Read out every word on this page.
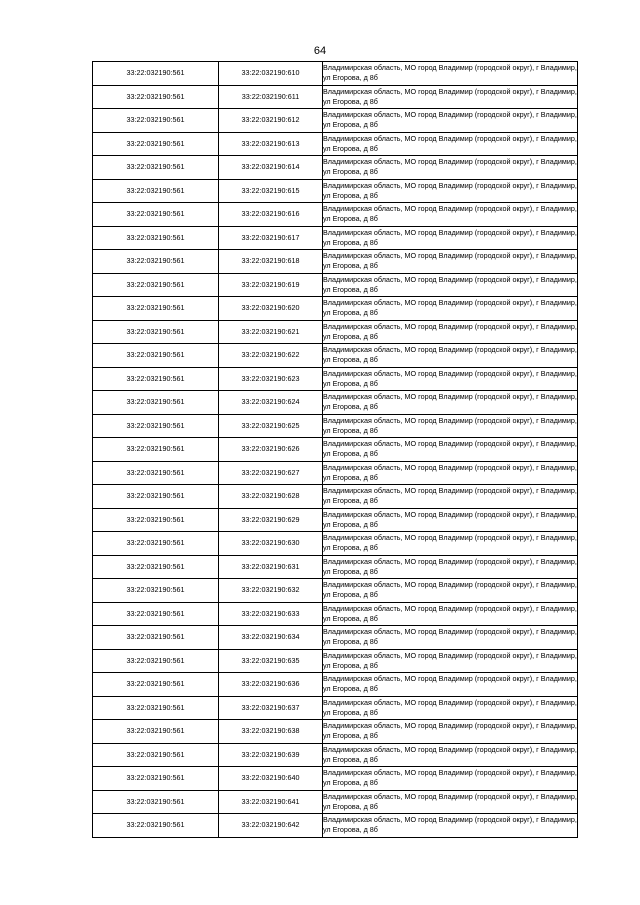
64
33:22:032190:561	33:22:032190:610	Владимирская область, МО город Владимир (городской округ), г Владимир, ул Егорова, д 8б
33:22:032190:561	33:22:032190:611	Владимирская область, МО город Владимир (городской округ), г Владимир, ул Егорова, д 8б
33:22:032190:561	33:22:032190:612	Владимирская область, МО город Владимир (городской округ), г Владимир, ул Егорова, д 8б
33:22:032190:561	33:22:032190:613	Владимирская область, МО город Владимир (городской округ), г Владимир, ул Егорова, д 8б
33:22:032190:561	33:22:032190:614	Владимирская область, МО город Владимир (городской округ), г Владимир, ул Егорова, д 8б
33:22:032190:561	33:22:032190:615	Владимирская область, МО город Владимир (городской округ), г Владимир, ул Егорова, д 8б
33:22:032190:561	33:22:032190:616	Владимирская область, МО город Владимир (городской округ), г Владимир, ул Егорова, д 8б
33:22:032190:561	33:22:032190:617	Владимирская область, МО город Владимир (городской округ), г Владимир, ул Егорова, д 8б
33:22:032190:561	33:22:032190:618	Владимирская область, МО город Владимир (городской округ), г Владимир, ул Егорова, д 8б
33:22:032190:561	33:22:032190:619	Владимирская область, МО город Владимир (городской округ), г Владимир, ул Егорова, д 8б
33:22:032190:561	33:22:032190:620	Владимирская область, МО город Владимир (городской округ), г Владимир, ул Егорова, д 8б
33:22:032190:561	33:22:032190:621	Владимирская область, МО город Владимир (городской округ), г Владимир, ул Егорова, д 8б
33:22:032190:561	33:22:032190:622	Владимирская область, МО город Владимир (городской округ), г Владимир, ул Егорова, д 8б
33:22:032190:561	33:22:032190:623	Владимирская область, МО город Владимир (городской округ), г Владимир, ул Егорова, д 8б
33:22:032190:561	33:22:032190:624	Владимирская область, МО город Владимир (городской округ), г Владимир, ул Егорова, д 8б
33:22:032190:561	33:22:032190:625	Владимирская область, МО город Владимир (городской округ), г Владимир, ул Егорова, д 8б
33:22:032190:561	33:22:032190:626	Владимирская область, МО город Владимир (городской округ), г Владимир, ул Егорова, д 8б
33:22:032190:561	33:22:032190:627	Владимирская область, МО город Владимир (городской округ), г Владимир, ул Егорова, д 8б
33:22:032190:561	33:22:032190:628	Владимирская область, МО город Владимир (городской округ), г Владимир, ул Егорова, д 8б
33:22:032190:561	33:22:032190:629	Владимирская область, МО город Владимир (городской округ), г Владимир, ул Егорова, д 8б
33:22:032190:561	33:22:032190:630	Владимирская область, МО город Владимир (городской округ), г Владимир, ул Егорова, д 8б
33:22:032190:561	33:22:032190:631	Владимирская область, МО город Владимир (городской округ), г Владимир, ул Егорова, д 8б
33:22:032190:561	33:22:032190:632	Владимирская область, МО город Владимир (городской округ), г Владимир, ул Егорова, д 8б
33:22:032190:561	33:22:032190:633	Владимирская область, МО город Владимир (городской округ), г Владимир, ул Егорова, д 8б
33:22:032190:561	33:22:032190:634	Владимирская область, МО город Владимир (городской округ), г Владимир, ул Егорова, д 8б
33:22:032190:561	33:22:032190:635	Владимирская область, МО город Владимир (городской округ), г Владимир, ул Егорова, д 8б
33:22:032190:561	33:22:032190:636	Владимирская область, МО город Владимир (городской округ), г Владимир, ул Егорова, д 8б
33:22:032190:561	33:22:032190:637	Владимирская область, МО город Владимир (городской округ), г Владимир, ул Егорова, д 8б
33:22:032190:561	33:22:032190:638	Владимирская область, МО город Владимир (городской округ), г Владимир, ул Егорова, д 8б
33:22:032190:561	33:22:032190:639	Владимирская область, МО город Владимир (городской округ), г Владимир, ул Егорова, д 8б
33:22:032190:561	33:22:032190:640	Владимирская область, МО город Владимир (городской округ), г Владимир, ул Егорова, д 8б
33:22:032190:561	33:22:032190:641	Владимирская область, МО город Владимир (городской округ), г Владимир, ул Егорова, д 8б
33:22:032190:561	33:22:032190:642	Владимирская область, МО город Владимир (городской округ), г Владимир, ул Егорова, д 8б
